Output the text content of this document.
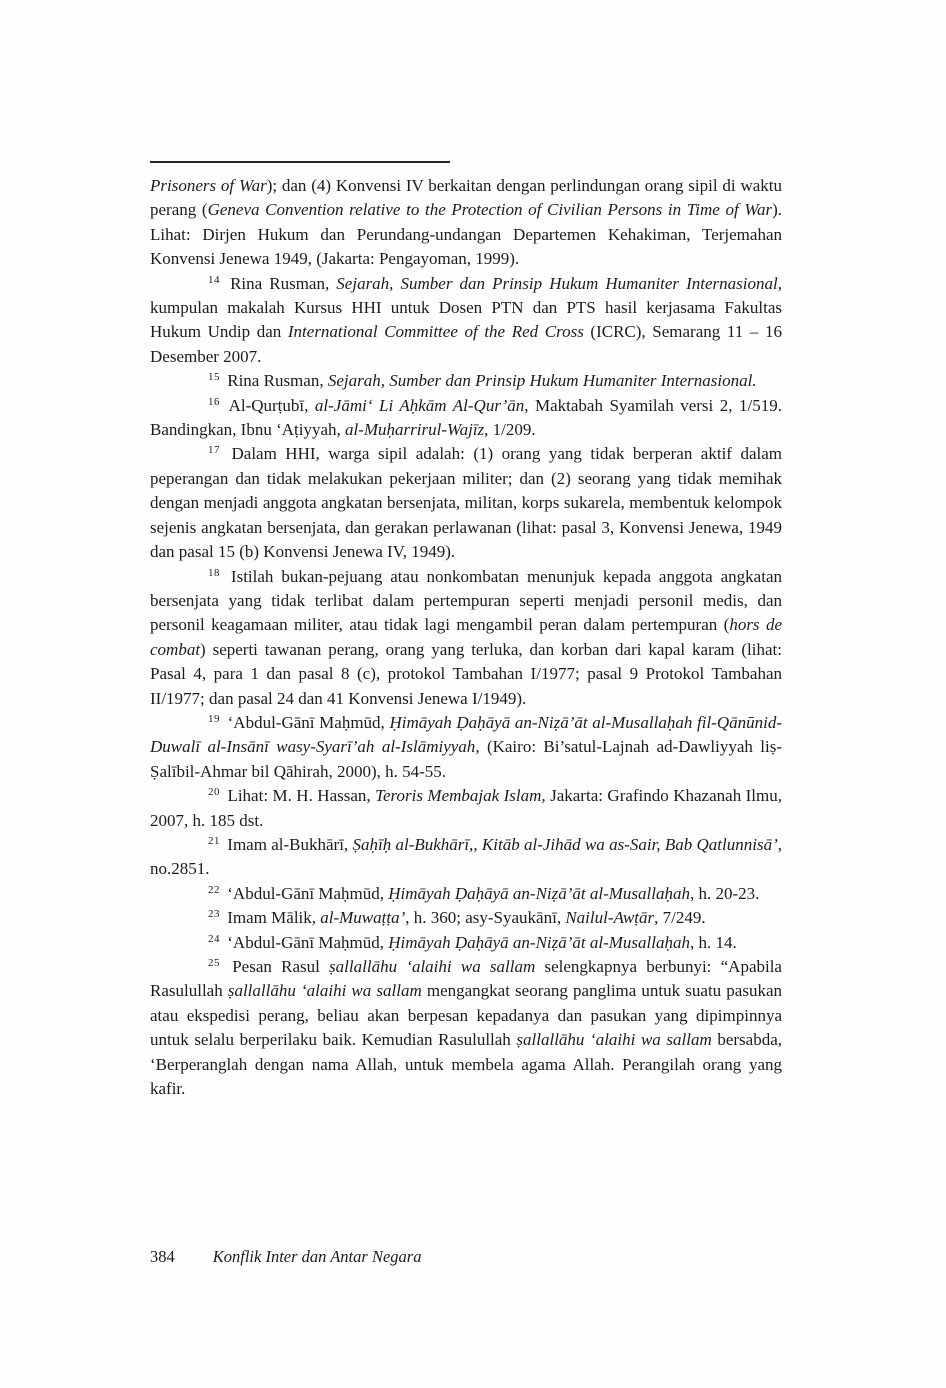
Prisoners of War); dan (4) Konvensi IV berkaitan dengan perlindungan orang sipil di waktu perang (Geneva Convention relative to the Protection of Civilian Persons in Time of War). Lihat: Dirjen Hukum dan Perundang-undangan Departemen Kehakiman, Terjemahan Konvensi Jenewa 1949, (Jakarta: Pengayoman, 1999).

$^{14}$ Rina Rusman, Sejarah, Sumber dan Prinsip Hukum Humaniter Internasional, kumpulan makalah Kursus HHI untuk Dosen PTN dan PTS hasil kerjasama Fakultas Hukum Undip dan International Committee of the Red Cross (ICRC), Semarang 11 – 16 Desember 2007.

$^{15}$ Rina Rusman, Sejarah, Sumber dan Prinsip Hukum Humaniter Internasional.

$^{16}$ Al-Qurṭubī, al-Jāmi‘ Li Aḥkām Al-Qur’ān, Maktabah Syamilah versi 2, 1/519. Bandingkan, Ibnu ‘Aṭiyyah, al-Muḥarrirul-Wajīz, 1/209.

$^{17}$ Dalam HHI, warga sipil adalah: (1) orang yang tidak berperan aktif dalam peperangan dan tidak melakukan pekerjaan militer; dan (2) seorang yang tidak memihak dengan menjadi anggota angkatan bersenjata, militan, korps sukarela, membentuk kelompok sejenis angkatan bersenjata, dan gerakan perlawanan (lihat: pasal 3, Konvensi Jenewa, 1949 dan pasal 15 (b) Konvensi Jenewa IV, 1949).

$^{18}$ Istilah bukan-pejuang atau nonkombatan menunjuk kepada anggota angkatan bersenjata yang tidak terlibat dalam pertempuran seperti menjadi personil medis, dan personil keagamaan militer, atau tidak lagi mengambil peran dalam pertempuran (hors de combat) seperti tawanan perang, orang yang terluka, dan korban dari kapal karam (lihat: Pasal 4, para 1 dan pasal 8 (c), protokol Tambahan I/1977; pasal 9 Protokol Tambahan II/1977; dan pasal 24 dan 41 Konvensi Jenewa I/1949).

$^{19}$ ‘Abdul-Gānī Maḥmūd, Ḥimāyah Ḍaḥāyā an-Niẓā’āt al-Musallaḥah fil-Qānūnid-Duwalī al-Insānī wasy-Syarī’ah al-Islāmiyyah, (Kairo: Bi’satul-Lajnah ad-Dawliyyah liṣ-Ṣalībil-Ahmar bil Qāhirah, 2000), h. 54-55.

$^{20}$ Lihat: M. H. Hassan, Teroris Membajak Islam, Jakarta: Grafindo Khazanah Ilmu, 2007, h. 185 dst.

$^{21}$ Imam al-Bukhārī, Ṣaḥīḥ al-Bukhārī,, Kitāb al-Jihād wa as-Sair, Bab Qatlunnisā’, no.2851.

$^{22}$ ‘Abdul-Gānī Maḥmūd, Ḥimāyah Ḍaḥāyā an-Niẓā’āt al-Musallaḥah, h. 20-23.

$^{23}$ Imam Mālik, al-Muwaṭṭa’, h. 360; asy-Syaukānī, Nailul-Awṭār, 7/249.

$^{24}$ ‘Abdul-Gānī Maḥmūd, Ḥimāyah Ḍaḥāyā an-Niẓā’āt al-Musallaḥah, h. 14.

$^{25}$ Pesan Rasul ṣallallāhu ‘alaihi wa sallam selengkapnya berbunyi: “Apabila Rasulullah ṣallallāhu ‘alaihi wa sallam mengangkat seorang panglima untuk suatu pasukan atau ekspedisi perang, beliau akan berpesan kepadanya dan pasukan yang dipimpinnya untuk selalu berperilaku baik. Kemudian Rasulullah ṣallallāhu ‘alaihi wa sallam bersabda, ‘Berperanglah dengan nama Allah, untuk membela agama Allah. Perangilah orang yang kafir.

384 Konflik Inter dan Antar Negara
